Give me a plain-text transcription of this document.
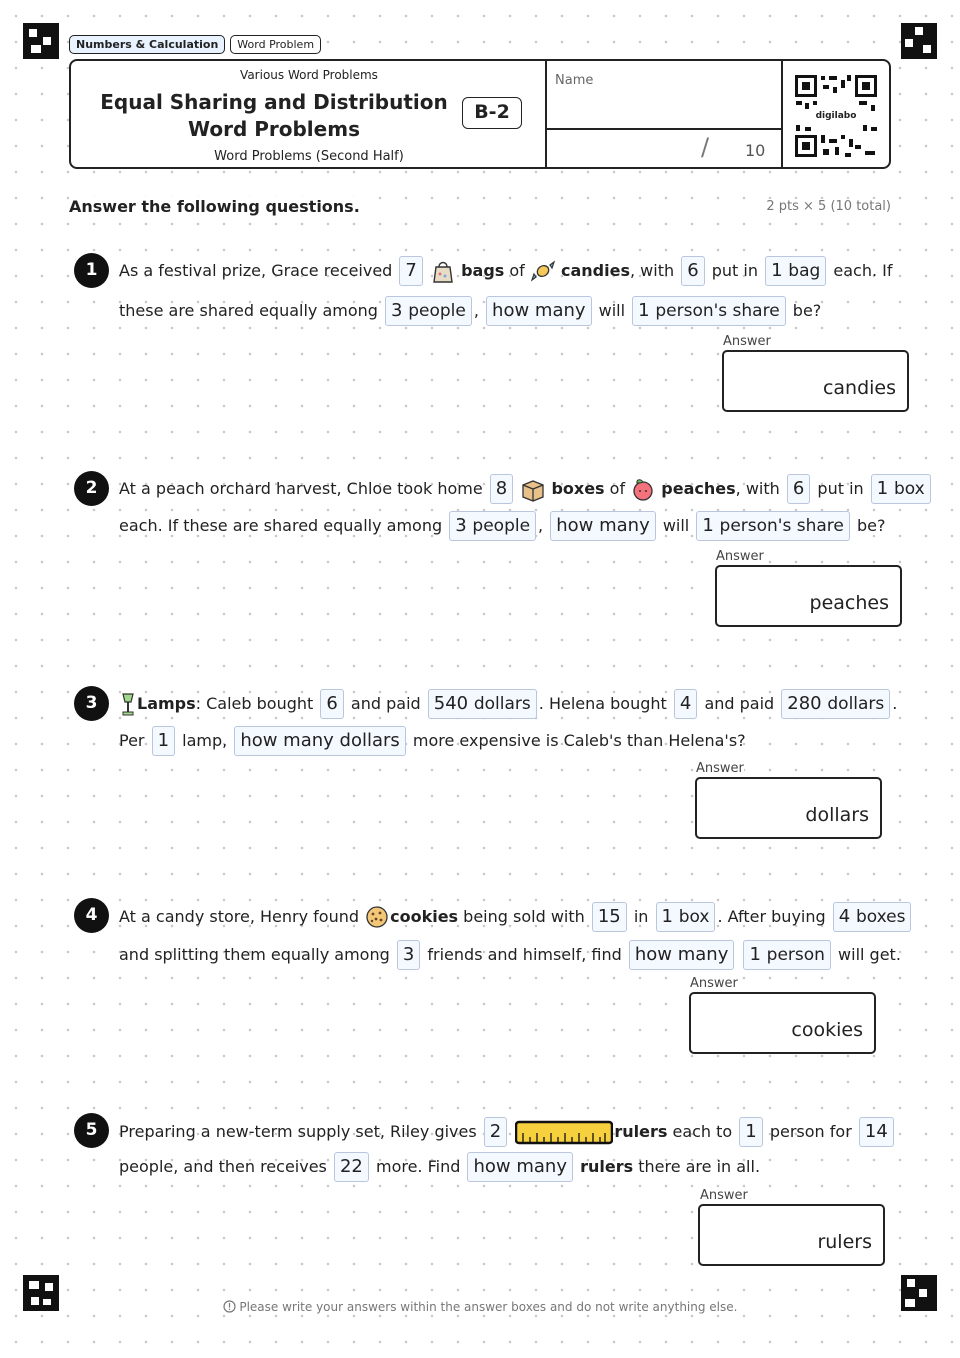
Numbers & Calculation	Word Problem
Various Word Problems
Equal Sharing and Distribution
Word Problems
B-2
Word Problems (Second Half)
Name
/ 10
digilabo
Answer the following questions.	2 pts × 5 (10 total)
1	As a festival prize, Grace received 7	bags of candies, with 6 put in 1 bag each. If
these are shared equally among 3 people , how many will 1 person's share be?
Answer
candies
2	At a peach orchard harvest, Chloe took home 8	boxes of peaches, with 6 put in 1 box
each. If these are shared equally among 3 people , how many will 1 person's share be?
Answer
peaches
3	Lamps: Caleb bought 6 and paid 540 dollars . Helena bought 4 and paid 280 dollars .
Per 1 lamp, how many dollars more expensive is Caleb's than Helena's?
Answer
dollars
4	At a candy store, Henry found cookies being sold with 15 in 1 box . After buying 4 boxes
and splitting them equally among 3 friends and himself, find how many 1 person will get.
Answer
cookies
5	Preparing a new-term supply set, Riley gives 2	rulers each to 1 person for 14
people, and then receives 22 more. Find how many rulers there are in all.
Answer
rulers
Please write your answers within the answer boxes and do not write anything else.
